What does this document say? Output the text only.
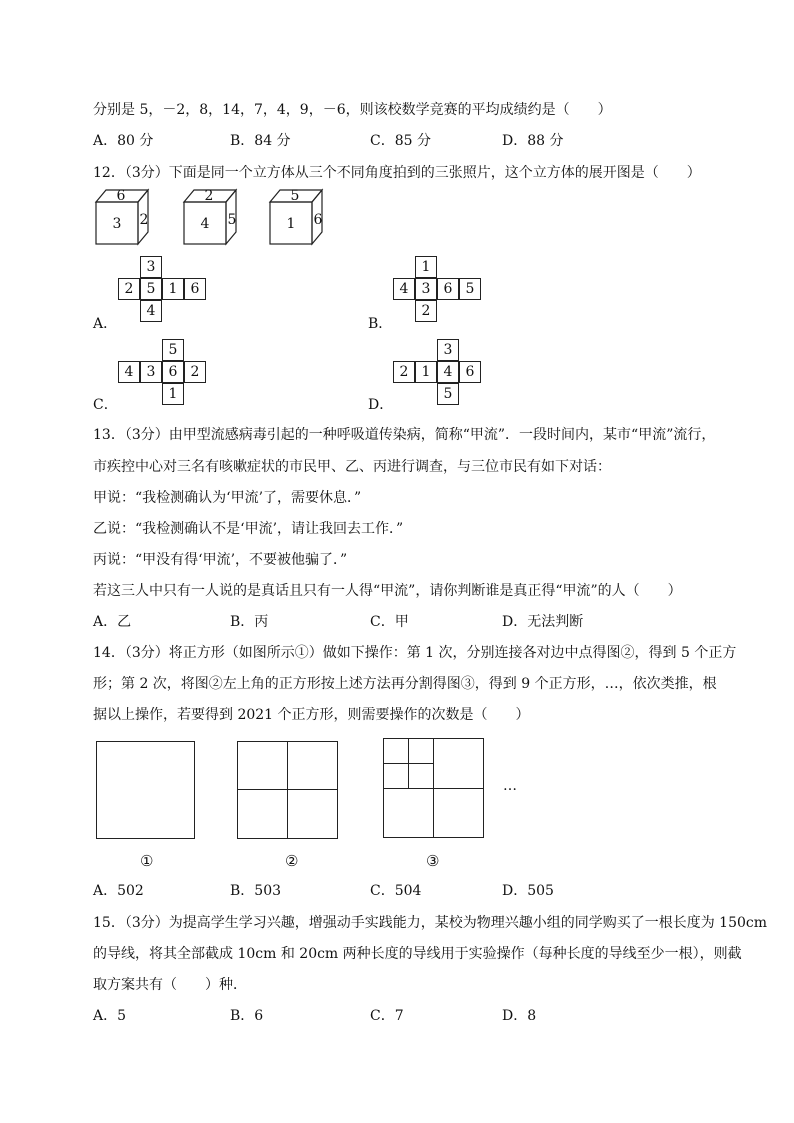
分别是 5，－2，8，14，7，4，9，－6，则该校数学竞赛的平均成绩约是（　　）
A．80 分	B．84 分	C．85 分	D．88 分
12．（3分）下面是同一个立方体从三个不同角度拍到的三张照片，这个立方体的展开图是（　　）
6
3 2
2
4 5
5
1 6
3
2 5 1 6
4
A．
1
4 3 6 5
2
B．
5
4 3 6 2
1
C．
3
2 1 4 6
5
D．
13．（3分）由甲型流感病毒引起的一种呼吸道传染病，简称“甲流”．一段时间内，某市“甲流”流行，
市疾控中心对三名有咳嗽症状的市民甲、乙、丙进行调查，与三位市民有如下对话：
甲说：“我检测确认为‘甲流’了，需要休息．”
乙说：“我检测确认不是‘甲流’，请让我回去工作．”
丙说：“甲没有得‘甲流’，不要被他骗了．”
若这三人中只有一人说的是真话且只有一人得“甲流”，请你判断谁是真正得“甲流”的人（　　）
A．乙	B．丙	C．甲	D．无法判断
14．（3分）将正方形（如图所示①）做如下操作：第 1 次，分别连接各对边中点得图②，得到 5 个正方
形；第 2 次，将图②左上角的正方形按上述方法再分割得图③，得到 9 个正方形，…，依次类推，根
据以上操作，若要得到 2021 个正方形，则需要操作的次数是（　　）
…
①	②	③
A．502	B．503	C．504	D．505
15．（3分）为提高学生学习兴趣，增强动手实践能力，某校为物理兴趣小组的同学购买了一根长度为 150cm
的导线，将其全部截成 10cm 和 20cm 两种长度的导线用于实验操作（每种长度的导线至少一根），则截
取方案共有（　　）种．
A．5	B．6	C．7	D．8
